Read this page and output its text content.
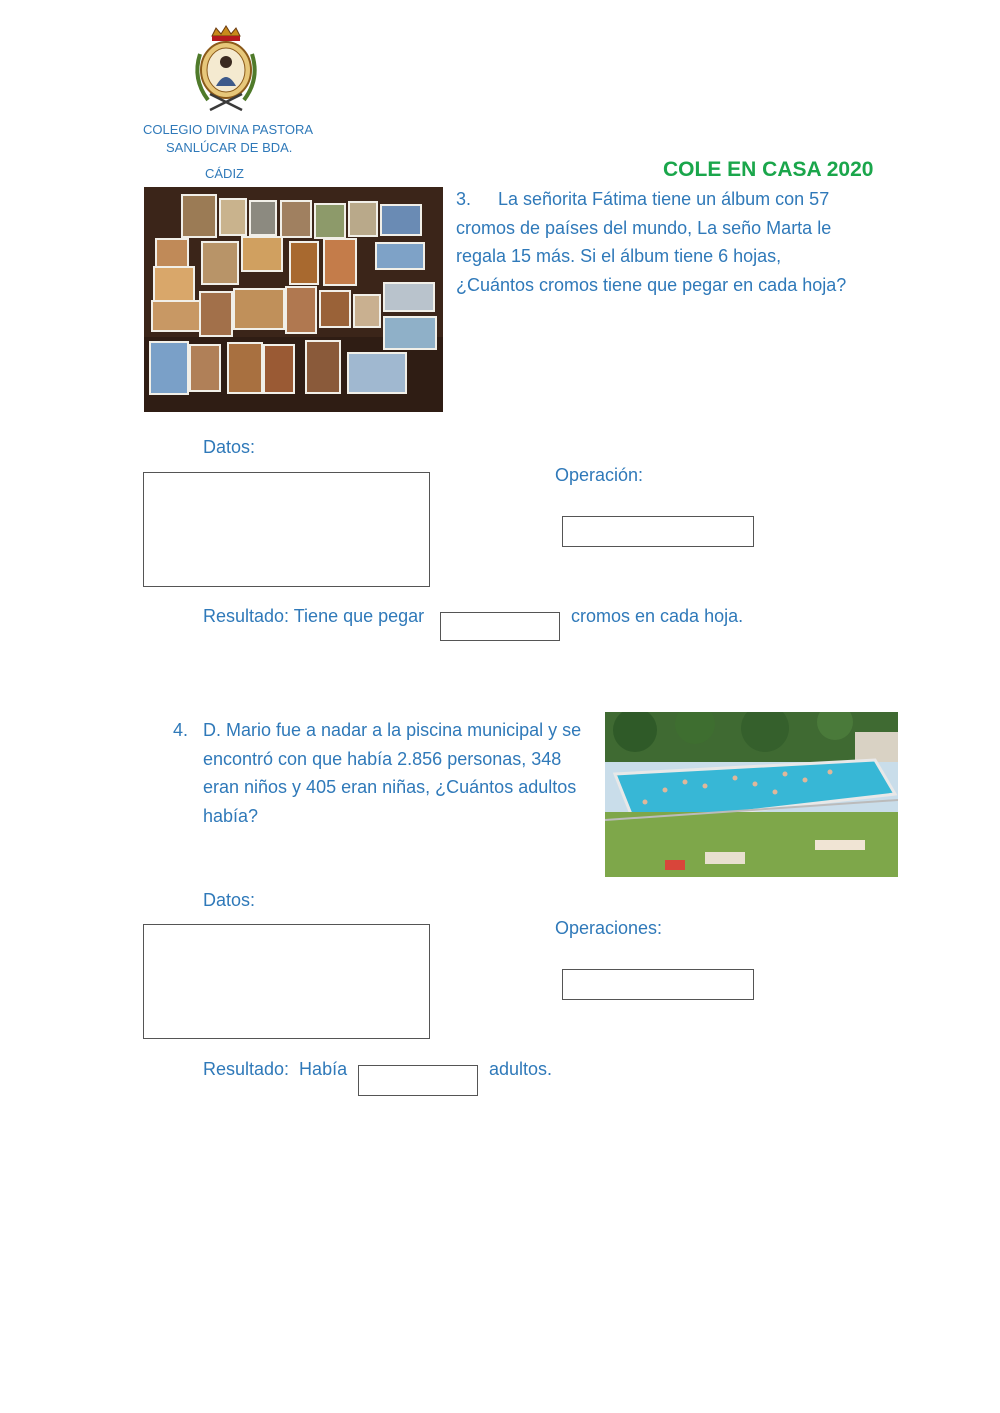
COLEGIO DIVINA PASTORA
SANLÚCAR DE BDA.
CÁDIZ	COLE EN CASA 2020
3. La señorita Fátima tiene un álbum con 57 cromos de países del mundo, La seño Marta le regala 15 más. Si el álbum tiene 6 hojas, ¿Cuántos cromos tiene que pegar en cada hoja?
Datos:
Operación:
Resultado: Tiene que pegar	cromos en cada hoja.
4. D. Mario fue a nadar a la piscina municipal y se encontró con que había 2.856 personas, 348 eran niños y 405 eran niñas, ¿Cuántos adultos había?
Datos:
Operaciones:
Resultado:  Había	adultos.
